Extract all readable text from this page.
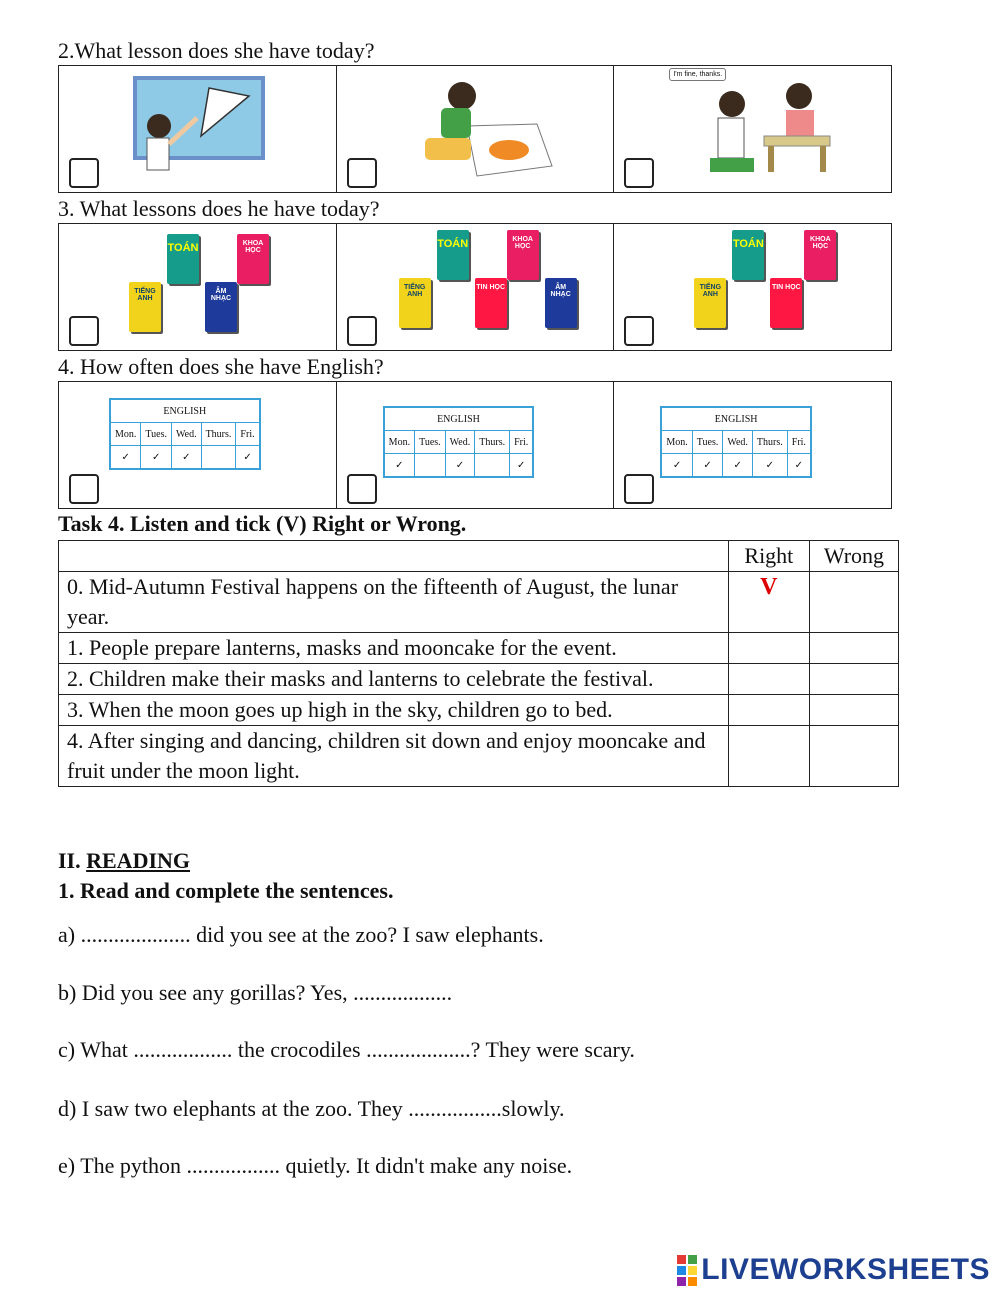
2.What lesson does she have today?
I'm fine, thanks.
3. What lessons does he have today?
TOÁN	KHOA HỌC
TIẾNG ANH
ÂM NHẠC
TOÁN	KHOA HỌC
TIẾNG ANH
TIN HỌC	ÂM NHẠC
TOÁN	KHOA HỌC
TIẾNG ANH
TIN HỌC
4. How often does she have English?
ENGLISH				
Mon.	Tues.	Wed.	Thurs.	Fri.
✓	✓	✓		✓
ENGLISH				
Mon.	Tues.	Wed.	Thurs.	Fri.
✓		✓		✓
ENGLISH				
Mon.	Tues.	Wed.	Thurs.	Fri.
✓	✓	✓	✓	✓
Task 4. Listen and tick (V) Right or Wrong.
	Right	Wrong
0. Mid-Autumn Festival happens on the fifteenth of August, the lunar year.	V	
1. People prepare lanterns, masks and mooncake for the event.		
2. Children make their masks and lanterns to celebrate the festival.		
3. When the moon goes up high in the sky, children go to bed.		
4. After singing and dancing, children sit down and enjoy mooncake and fruit under the moon light.		
II. READING
1. Read and complete the sentences.
a) .................... did you see at the zoo? I saw elephants.
b) Did you see any gorillas? Yes, ..................
c) What .................. the crocodiles ...................? They were scary.
d) I saw two elephants at the zoo. They .................slowly.
e) The python ................. quietly. It didn't make any noise.
LIVEWORKSHEETS
